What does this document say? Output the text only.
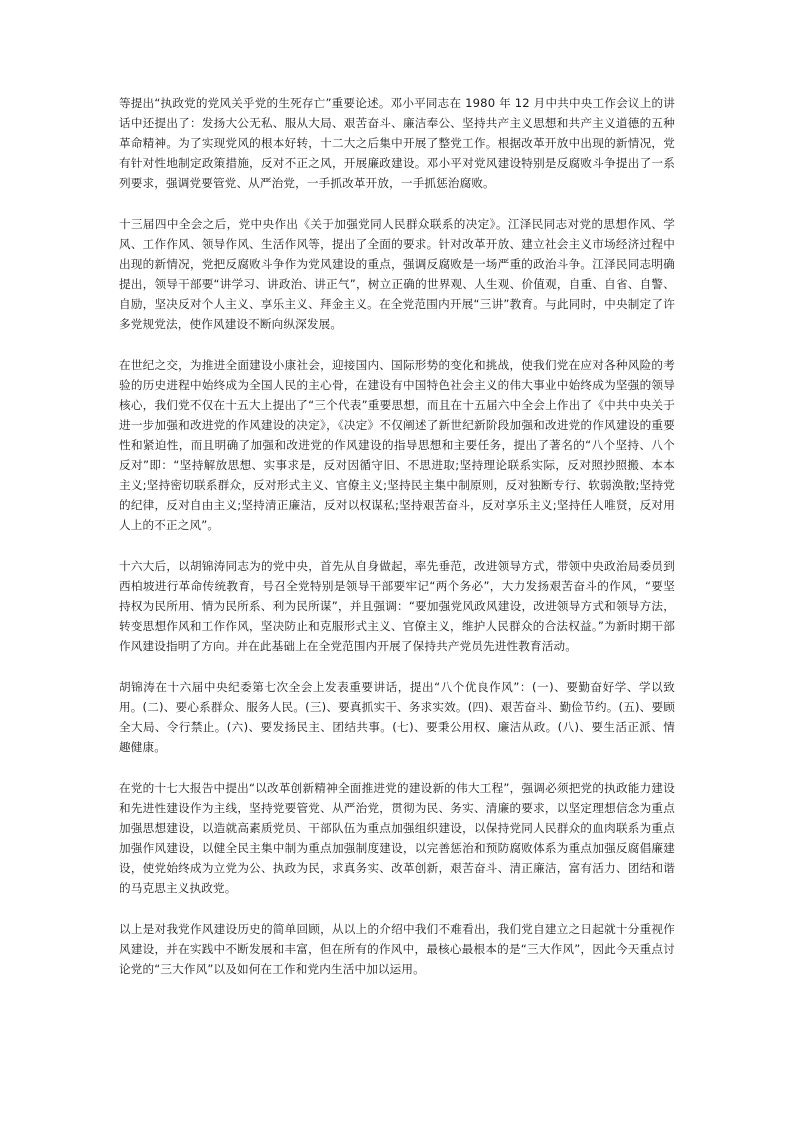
等提出“执政党的党风关乎党的生死存亡”重要论述。邓小平同志在 1980 年 12 月中共中央工作会议上的讲话中还提出了：发扬大公无私、服从大局、艰苦奋斗、廉洁奉公、坚持共产主义思想和共产主义道德的五种革命精神。为了实现党风的根本好转，十二大之后集中开展了整党工作。根据改革开放中出现的新情况，党有针对性地制定政策措施，反对不正之风，开展廉政建设。邓小平对党风建设特别是反腐败斗争提出了一系列要求，强调党要管党、从严治党，一手抓改革开放，一手抓惩治腐败。

十三届四中全会之后，党中央作出《关于加强党同人民群众联系的决定》。江泽民同志对党的思想作风、学风、工作作风、领导作风、生活作风等，提出了全面的要求。针对改革开放、建立社会主义市场经济过程中出现的新情况，党把反腐败斗争作为党风建设的重点，强调反腐败是一场严重的政治斗争。江泽民同志明确提出，领导干部要“讲学习、讲政治、讲正气”，树立正确的世界观、人生观、价值观，自重、自省、自警、自励，坚决反对个人主义、享乐主义、拜金主义。在全党范围内开展“三讲”教育。与此同时，中央制定了许多党规党法，使作风建设不断向纵深发展。

在世纪之交，为推进全面建设小康社会，迎接国内、国际形势的变化和挑战，使我们党在应对各种风险的考验的历史进程中始终成为全国人民的主心骨，在建设有中国特色社会主义的伟大事业中始终成为坚强的领导核心，我们党不仅在十五大上提出了“三个代表”重要思想，而且在十五届六中全会上作出了《中共中央关于进一步加强和改进党的作风建设的决定》，《决定》不仅阐述了新世纪新阶段加强和改进党的作风建设的重要性和紧迫性，而且明确了加强和改进党的作风建设的指导思想和主要任务，提出了著名的“八个坚持、八个反对”即：“坚持解放思想、实事求是，反对因循守旧、不思进取;坚持理论联系实际，反对照抄照搬、本本主义;坚持密切联系群众，反对形式主义、官僚主义;坚持民主集中制原则，反对独断专行、软弱涣散;坚持党的纪律，反对自由主义;坚持清正廉洁，反对以权谋私;坚持艰苦奋斗，反对享乐主义;坚持任人唯贤，反对用人上的不正之风”。

十六大后，以胡锦涛同志为的党中央，首先从自身做起，率先垂范，改进领导方式，带领中央政治局委员到西柏坡进行革命传统教育，号召全党特别是领导干部要牢记“两个务必”，大力发扬艰苦奋斗的作风，“要坚持权为民所用、情为民所系、利为民所谋”，并且强调：“要加强党风政风建设，改进领导方式和领导方法，转变思想作风和工作作风，坚决防止和克服形式主义、官僚主义，维护人民群众的合法权益。”为新时期干部作风建设指明了方向。并在此基础上在全党范围内开展了保持共产党员先进性教育活动。

胡锦涛在十六届中央纪委第七次全会上发表重要讲话，提出“八个优良作风”：(一)、要勤奋好学、学以致用。(二)、要心系群众、服务人民。(三)、要真抓实干、务求实效。(四)、艰苦奋斗、勤俭节约。(五)、要顾全大局、令行禁止。(六)、要发扬民主、团结共事。(七)、要秉公用权、廉洁从政。(八)、要生活正派、情趣健康。

在党的十七大报告中提出“以改革创新精神全面推进党的建设新的伟大工程”，强调必须把党的执政能力建设和先进性建设作为主线，坚持党要管党、从严治党，贯彻为民、务实、清廉的要求，以坚定理想信念为重点加强思想建设，以造就高素质党员、干部队伍为重点加强组织建设，以保持党同人民群众的血肉联系为重点加强作风建设，以健全民主集中制为重点加强制度建设，以完善惩治和预防腐败体系为重点加强反腐倡廉建设，使党始终成为立党为公、执政为民，求真务实、改革创新，艰苦奋斗、清正廉洁，富有活力、团结和谐的马克思主义执政党。

以上是对我党作风建设历史的简单回顾，从以上的介绍中我们不难看出，我们党自建立之日起就十分重视作风建设，并在实践中不断发展和丰富，但在所有的作风中，最核心最根本的是“三大作风”，因此今天重点讨论党的“三大作风”以及如何在工作和党内生活中加以运用。
